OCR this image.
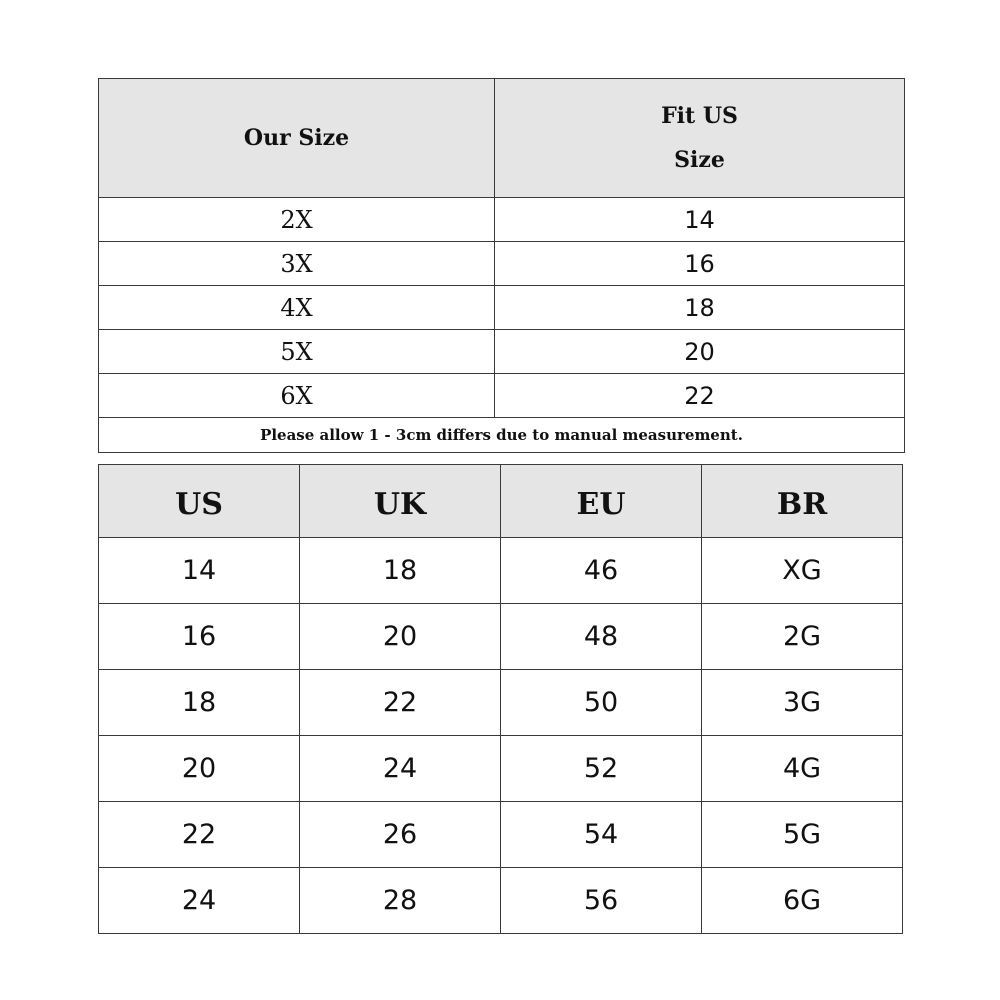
Our Size	Fit US
Size

2X	14
3X	16
4X	18
5X	20
6X	22
Please allow 1 - 3cm differs due to manual measurement.	
US	UK	EU	BR
14	18	46	XG
16	20	48	2G
18	22	50	3G
20	24	52	4G
22	26	54	5G
24	28	56	6G
